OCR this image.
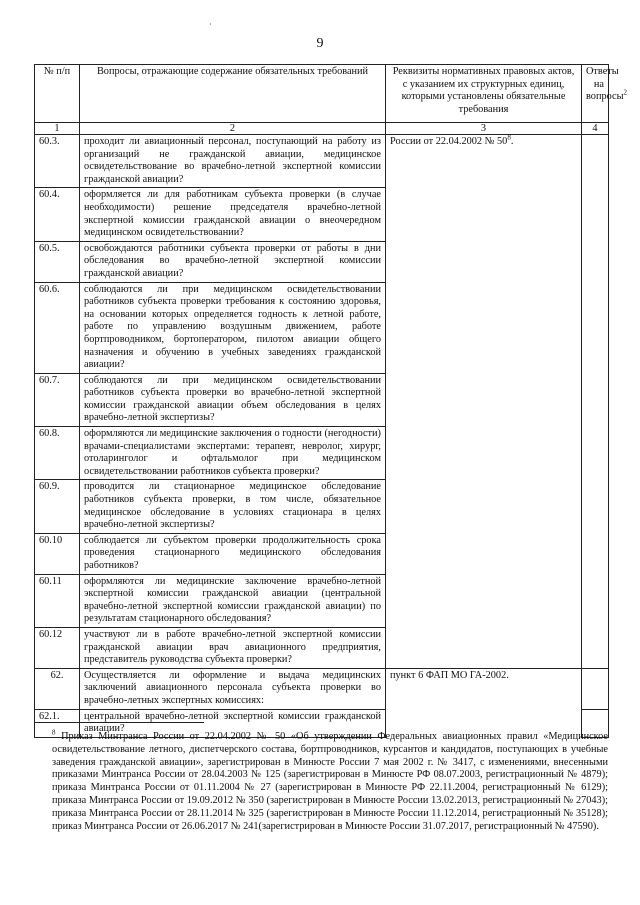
·
9
№ п/п	Вопросы, отражающие содержание обязательных требований	Реквизиты нормативных правовых актов, с указанием их структурных единиц, которыми установлены обязательные требования	Ответы на вопросы$^2$
1	2	3	4
60.3.	проходит ли авиационный персонал, поступающий на работу из организаций не гражданской авиации, медицинское освидетельствование во врачебно-летной экспертной комиссии гражданской авиации?	России от 22.04.2002 № $50^8$.	
60.4.	оформляется ли для работникам субъекта проверки (в случае необходимости) решение председателя врачебно-летной экспертной комиссии гражданской авиации о внеочередном медицинском освидетельствовании?		
60.5.	освобождаются работники субъекта проверки от работы в дни обследования во врачебно-летной экспертной комиссии гражданской авиации?		
60.6.	соблюдаются ли при медицинском освидетельствовании работников субъекта проверки требования к состоянию здоровья, на основании которых определяется годность к летной работе, работе по управлению воздушным движением, работе бортпроводником, бортоператором, пилотом авиации общего назначения и обучению в учебных заведениях гражданской авиации?		
60.7.	соблюдаются ли при медицинском освидетельствовании работников субъекта проверки во врачебно-летной экспертной комиссии гражданской авиации объем обследования в целях врачебно-летной экспертизы?		
60.8.	оформляются ли медицинские заключения о годности (негодности) врачами-специалистами экспертами: терапевт, невролог, хирург, отоларинголог и офтальмолог при медицинском освидетельствовании работников субъекта проверки?		
60.9.	проводится ли стационарное медицинское обследование работников субъекта проверки, в том числе, обязательное медицинское обследование в условиях стационара в целях врачебно-летной экспертизы?		
60.10	соблюдается ли субъектом проверки продолжительность срока проведения стационарного медицинского обследования работников?		
60.11	оформляются ли медицинские заключение врачебно-летной экспертной комиссии гражданской авиации (центральной врачебно-летной экспертной комиссии гражданской авиации) по результатам стационарного обследования?		
60.12	участвуют ли в работе врачебно-летной экспертной комиссии гражданской авиации врач авиационного предприятия, представитель руководства субъекта проверки?		
62.	Осуществляется ли оформление и выдача медицинских заключений авиационного персонала субъекта проверки во врачебно-летных экспертных комиссиях:	пункт 6 ФАП МО ГА-2002.	
62.1.	центральной врачебно-летной экспертной комиссии гражданской авиации?		
$^8$ Приказ Минтранса России от 22.04.2002 № 50 «Об утверждении Федеральных авиационных правил «Медицинское освидетельствование летного, диспетчерского состава, бортпроводников, курсантов и кандидатов, поступающих в учебные заведения гражданской авиации», зарегистрирован в Минюсте России 7 мая 2002 г. № 3417, с изменениями, внесенными приказами Минтранса России от 28.04.2003 № 125 (зарегистрирован в Минюсте РФ 08.07.2003, регистрационный № 4879); приказа Минтранса России от 01.11.2004 № 27 (зарегистрирован в Минюсте РФ 22.11.2004, регистрационный № 6129); приказа Минтранса России от 19.09.2012 № 350 (зарегистрирован в Минюсте России 13.02.2013, регистрационный № 27043); приказа Минтранса России от 28.11.2014 № 325 (зарегистрирован в Минюсте России 11.12.2014, регистрационный № 35128); приказ Минтранса России от 26.06.2017 № 241(зарегистрирован в Минюсте России 31.07.2017, регистрационный № 47590).
